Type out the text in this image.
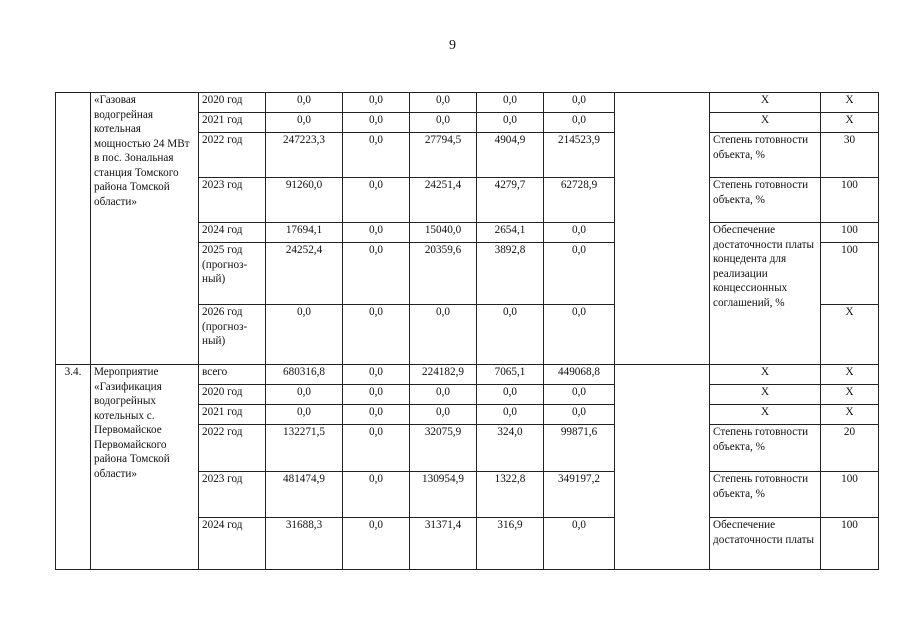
9
	«Газовая водогрейная котельная мощностью 24 МВт в пос. Зональная станция Томского района Томской области»	2020 год	0,0	0,0	0,0	0,0	0,0		Х	Х
		2021 год	0,0	0,0	0,0	0,0	0,0		Х	Х
		2022 год	247223,3	0,0	27794,5	4904,9	214523,9		Степень готовности объекта, %	30
		2023 год	91260,0	0,0	24251,4	4279,7	62728,9		Степень готовности объекта, %	100
		2024 год	17694,1	0,0	15040,0	2654,1	0,0		Обеспечение достаточности платы концедента для реализации концессионных соглашений, %	100
		2025 год (прогноз-ный)	24252,4	0,0	20359,6	3892,8	0,0			100
		2026 год (прогноз-ный)	0,0	0,0	0,0	0,0	0,0			Х
3.4.	Мероприятие «Газификация водогрейных котельных с. Первомайское Первомайского района Томской области»	всего	680316,8	0,0	224182,9	7065,1	449068,8		Х	Х
		2020 год	0,0	0,0	0,0	0,0	0,0		Х	Х
		2021 год	0,0	0,0	0,0	0,0	0,0		Х	Х
		2022 год	132271,5	0,0	32075,9	324,0	99871,6		Степень готовности объекта, %	20
		2023 год	481474,9	0,0	130954,9	1322,8	349197,2		Степень готовности объекта, %	100
		2024 год	31688,3	0,0	31371,4	316,9	0,0		Обеспечение достаточности платы	100
